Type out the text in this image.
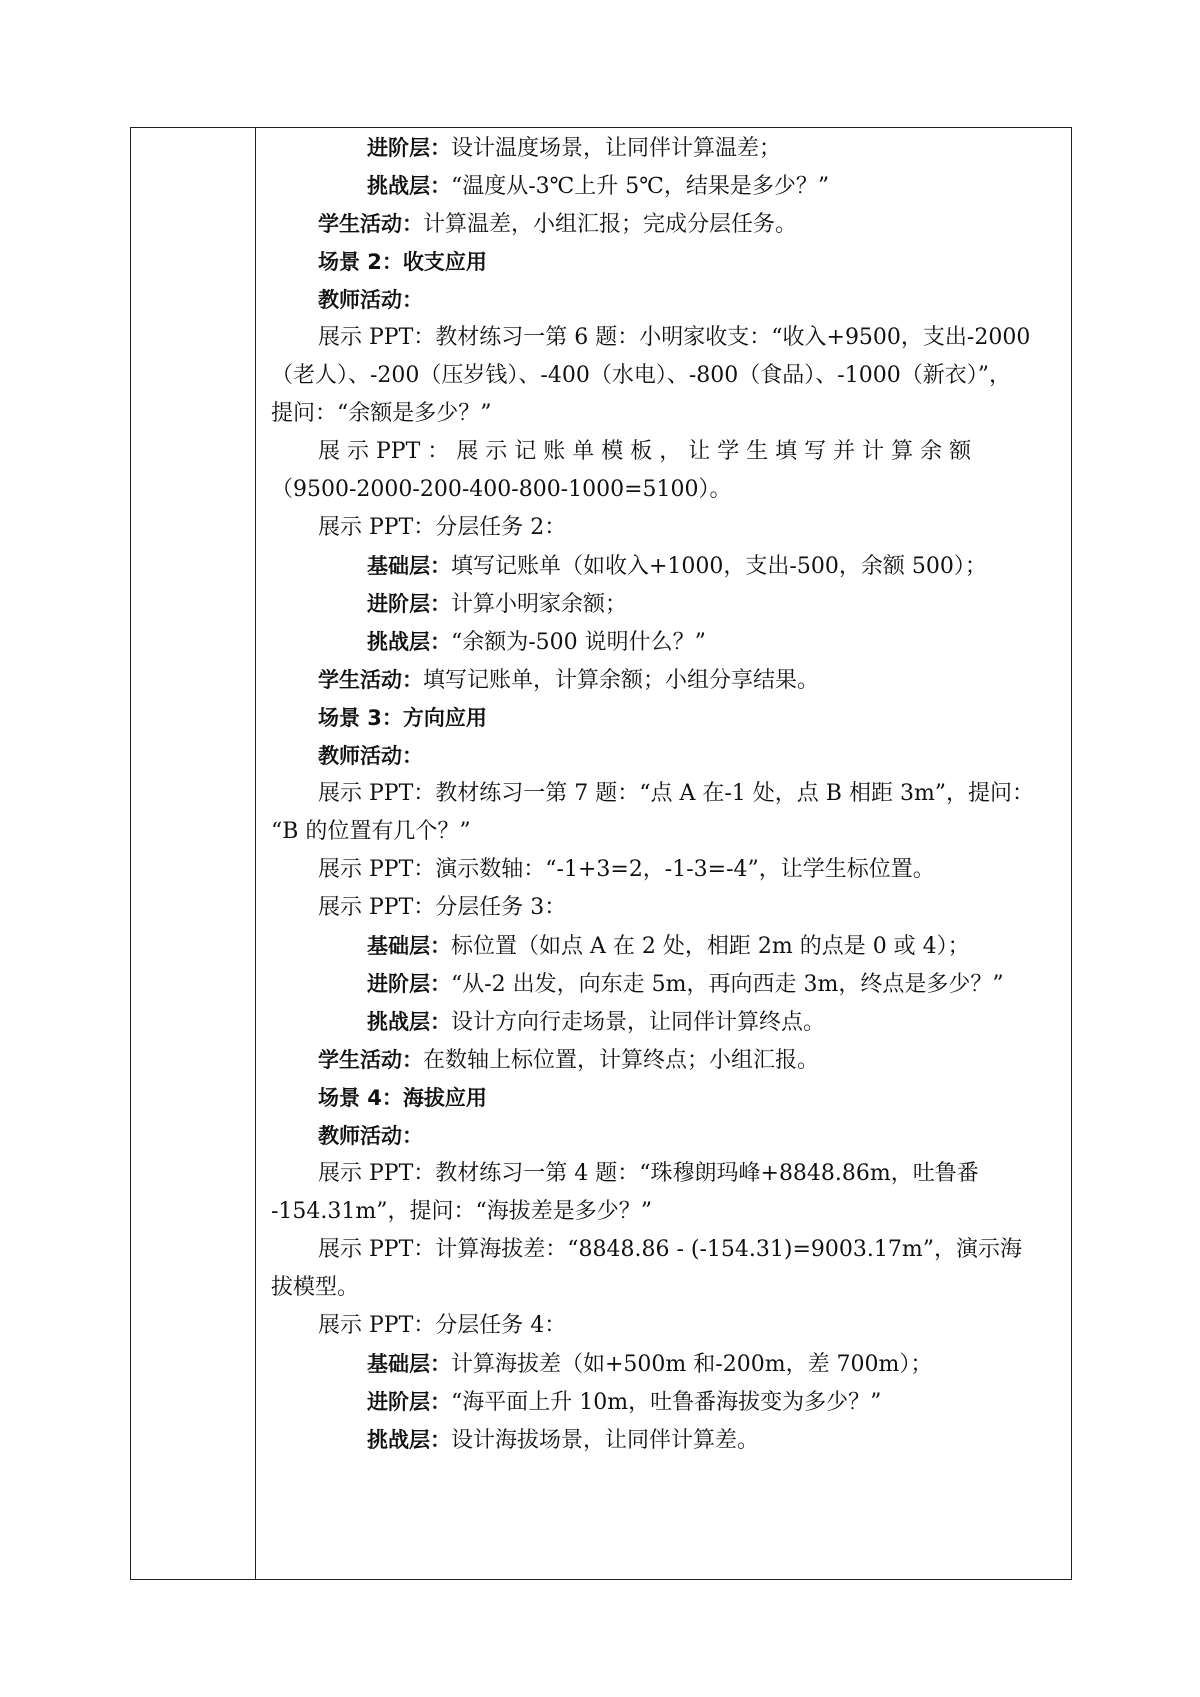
进阶层：设计温度场景，让同伴计算温差；
挑战层：“温度从-3℃上升 5℃，结果是多少？”
学生活动：计算温差，小组汇报；完成分层任务。
场景 2：收支应用
教师活动：
展示 PPT：教材练习一第 6 题：小明家收支：“收入+9500，支出-2000
（老人）、-200（压岁钱）、-400（水电）、-800（食品）、-1000（新衣）”，
提问：“余额是多少？”
展 示 PPT ： 展 示 记 账 单 模 板 ， 让 学 生 填 写 并 计 算 余 额
（9500-2000-200-400-800-1000=5100）。
展示 PPT：分层任务 2：
基础层：填写记账单（如收入+1000，支出-500，余额 500）；
进阶层：计算小明家余额；
挑战层：“余额为-500 说明什么？”
学生活动：填写记账单，计算余额；小组分享结果。
场景 3：方向应用
教师活动：
展示 PPT：教材练习一第 7 题：“点 A 在-1 处，点 B 相距 3m”，提问：
“B 的位置有几个？”
展示 PPT：演示数轴：“-1+3=2，-1-3=-4”，让学生标位置。
展示 PPT：分层任务 3：
基础层：标位置（如点 A 在 2 处，相距 2m 的点是 0 或 4）；
进阶层：“从-2 出发，向东走 5m，再向西走 3m，终点是多少？”
挑战层：设计方向行走场景，让同伴计算终点。
学生活动：在数轴上标位置，计算终点；小组汇报。
场景 4：海拔应用
教师活动：
展示 PPT：教材练习一第 4 题：“珠穆朗玛峰+8848.86m，吐鲁番
-154.31m”，提问：“海拔差是多少？”
展示 PPT：计算海拔差：“8848.86 - (-154.31)=9003.17m”，演示海
拔模型。
展示 PPT：分层任务 4：
基础层：计算海拔差（如+500m 和-200m，差 700m）；
进阶层：“海平面上升 10m，吐鲁番海拔变为多少？”
挑战层：设计海拔场景，让同伴计算差。
